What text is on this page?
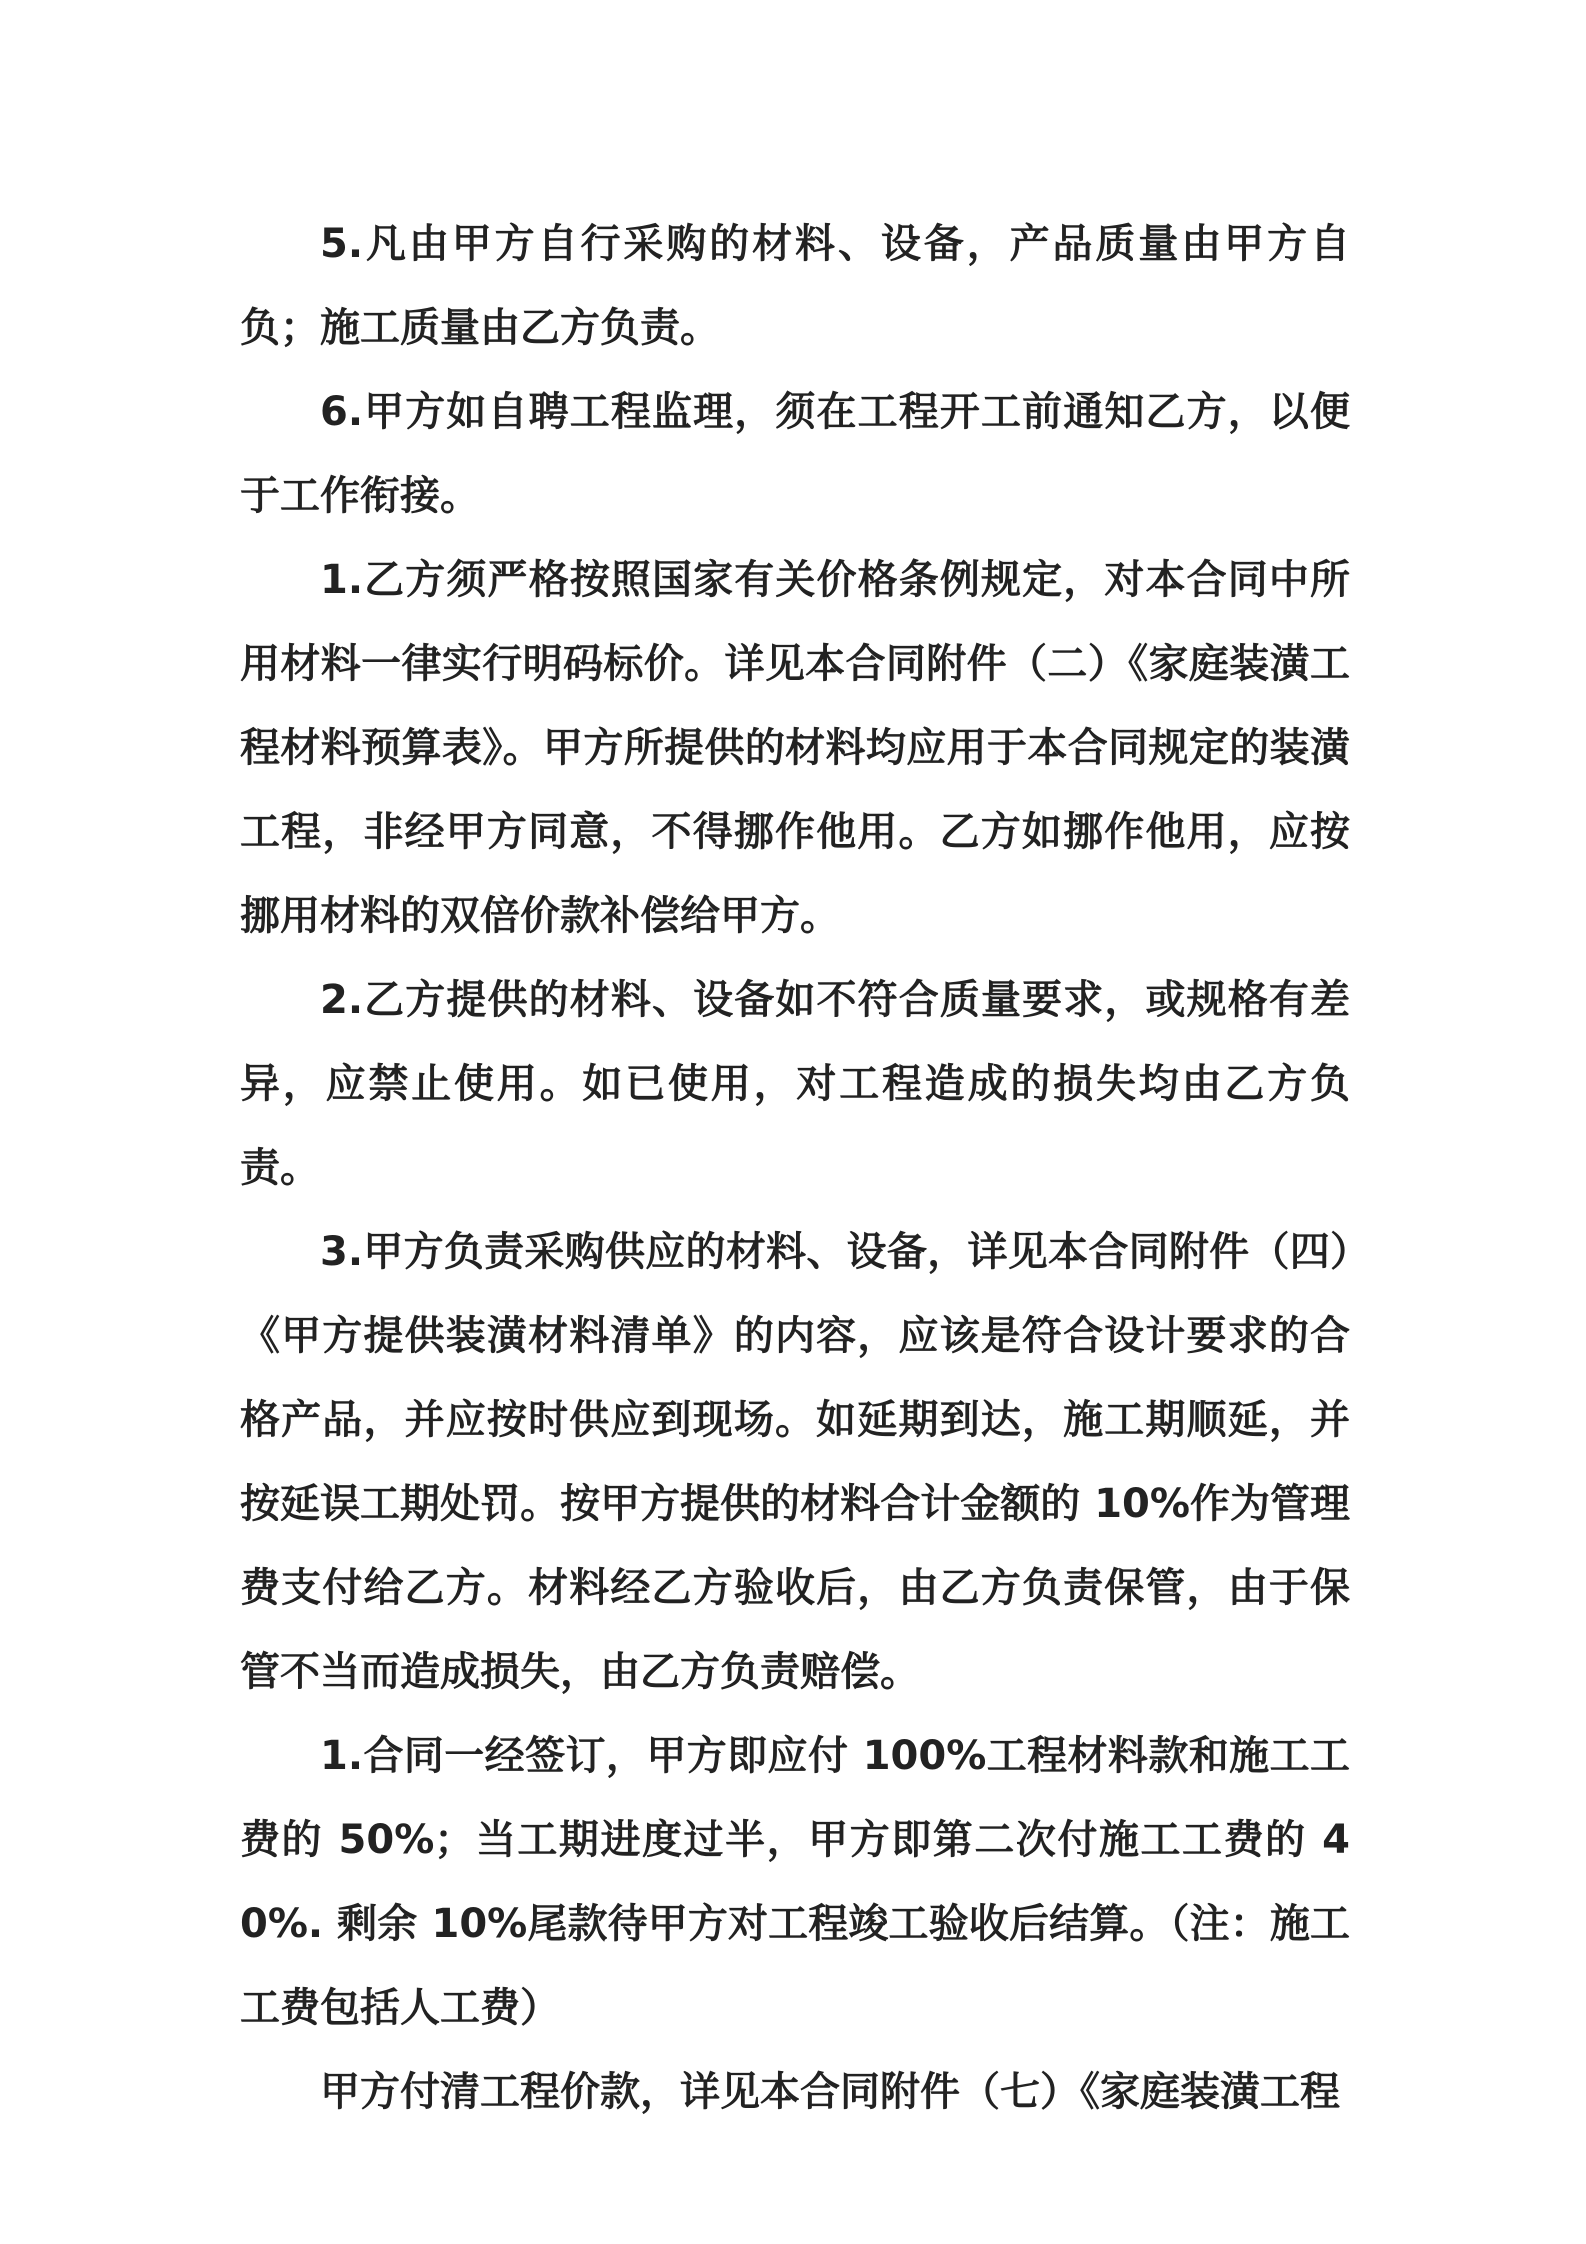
5.凡由甲方自行采购的材料、设备，产品质量由甲方自负；施工质量由乙方负责。

6.甲方如自聘工程监理，须在工程开工前通知乙方，以便于工作衔接。

1.乙方须严格按照国家有关价格条例规定，对本合同中所用材料一律实行明码标价。详见本合同附件（二）《家庭装潢工程材料预算表》。甲方所提供的材料均应用于本合同规定的装潢工程，非经甲方同意，不得挪作他用。乙方如挪作他用，应按挪用材料的双倍价款补偿给甲方。

2.乙方提供的材料、设备如不符合质量要求，或规格有差异，应禁止使用。如已使用，对工程造成的损失均由乙方负责。

3.甲方负责采购供应的材料、设备，详见本合同附件（四）《甲方提供装潢材料清单》的内容，应该是符合设计要求的合格产品，并应按时供应到现场。如延期到达，施工期顺延，并按延误工期处罚。按甲方提供的材料合计金额的 10%作为管理费支付给乙方。材料经乙方验收后，由乙方负责保管，由于保管不当而造成损失，由乙方负责赔偿。

1.合同一经签订，甲方即应付 100%工程材料款和施工工费的 50%；当工期进度过半，甲方即第二次付施工工费的 40%. 剩余 10%尾款待甲方对工程竣工验收后结算。（注：施工工费包括人工费）

甲方付清工程价款，详见本合同附件（七）《家庭装潢工程
